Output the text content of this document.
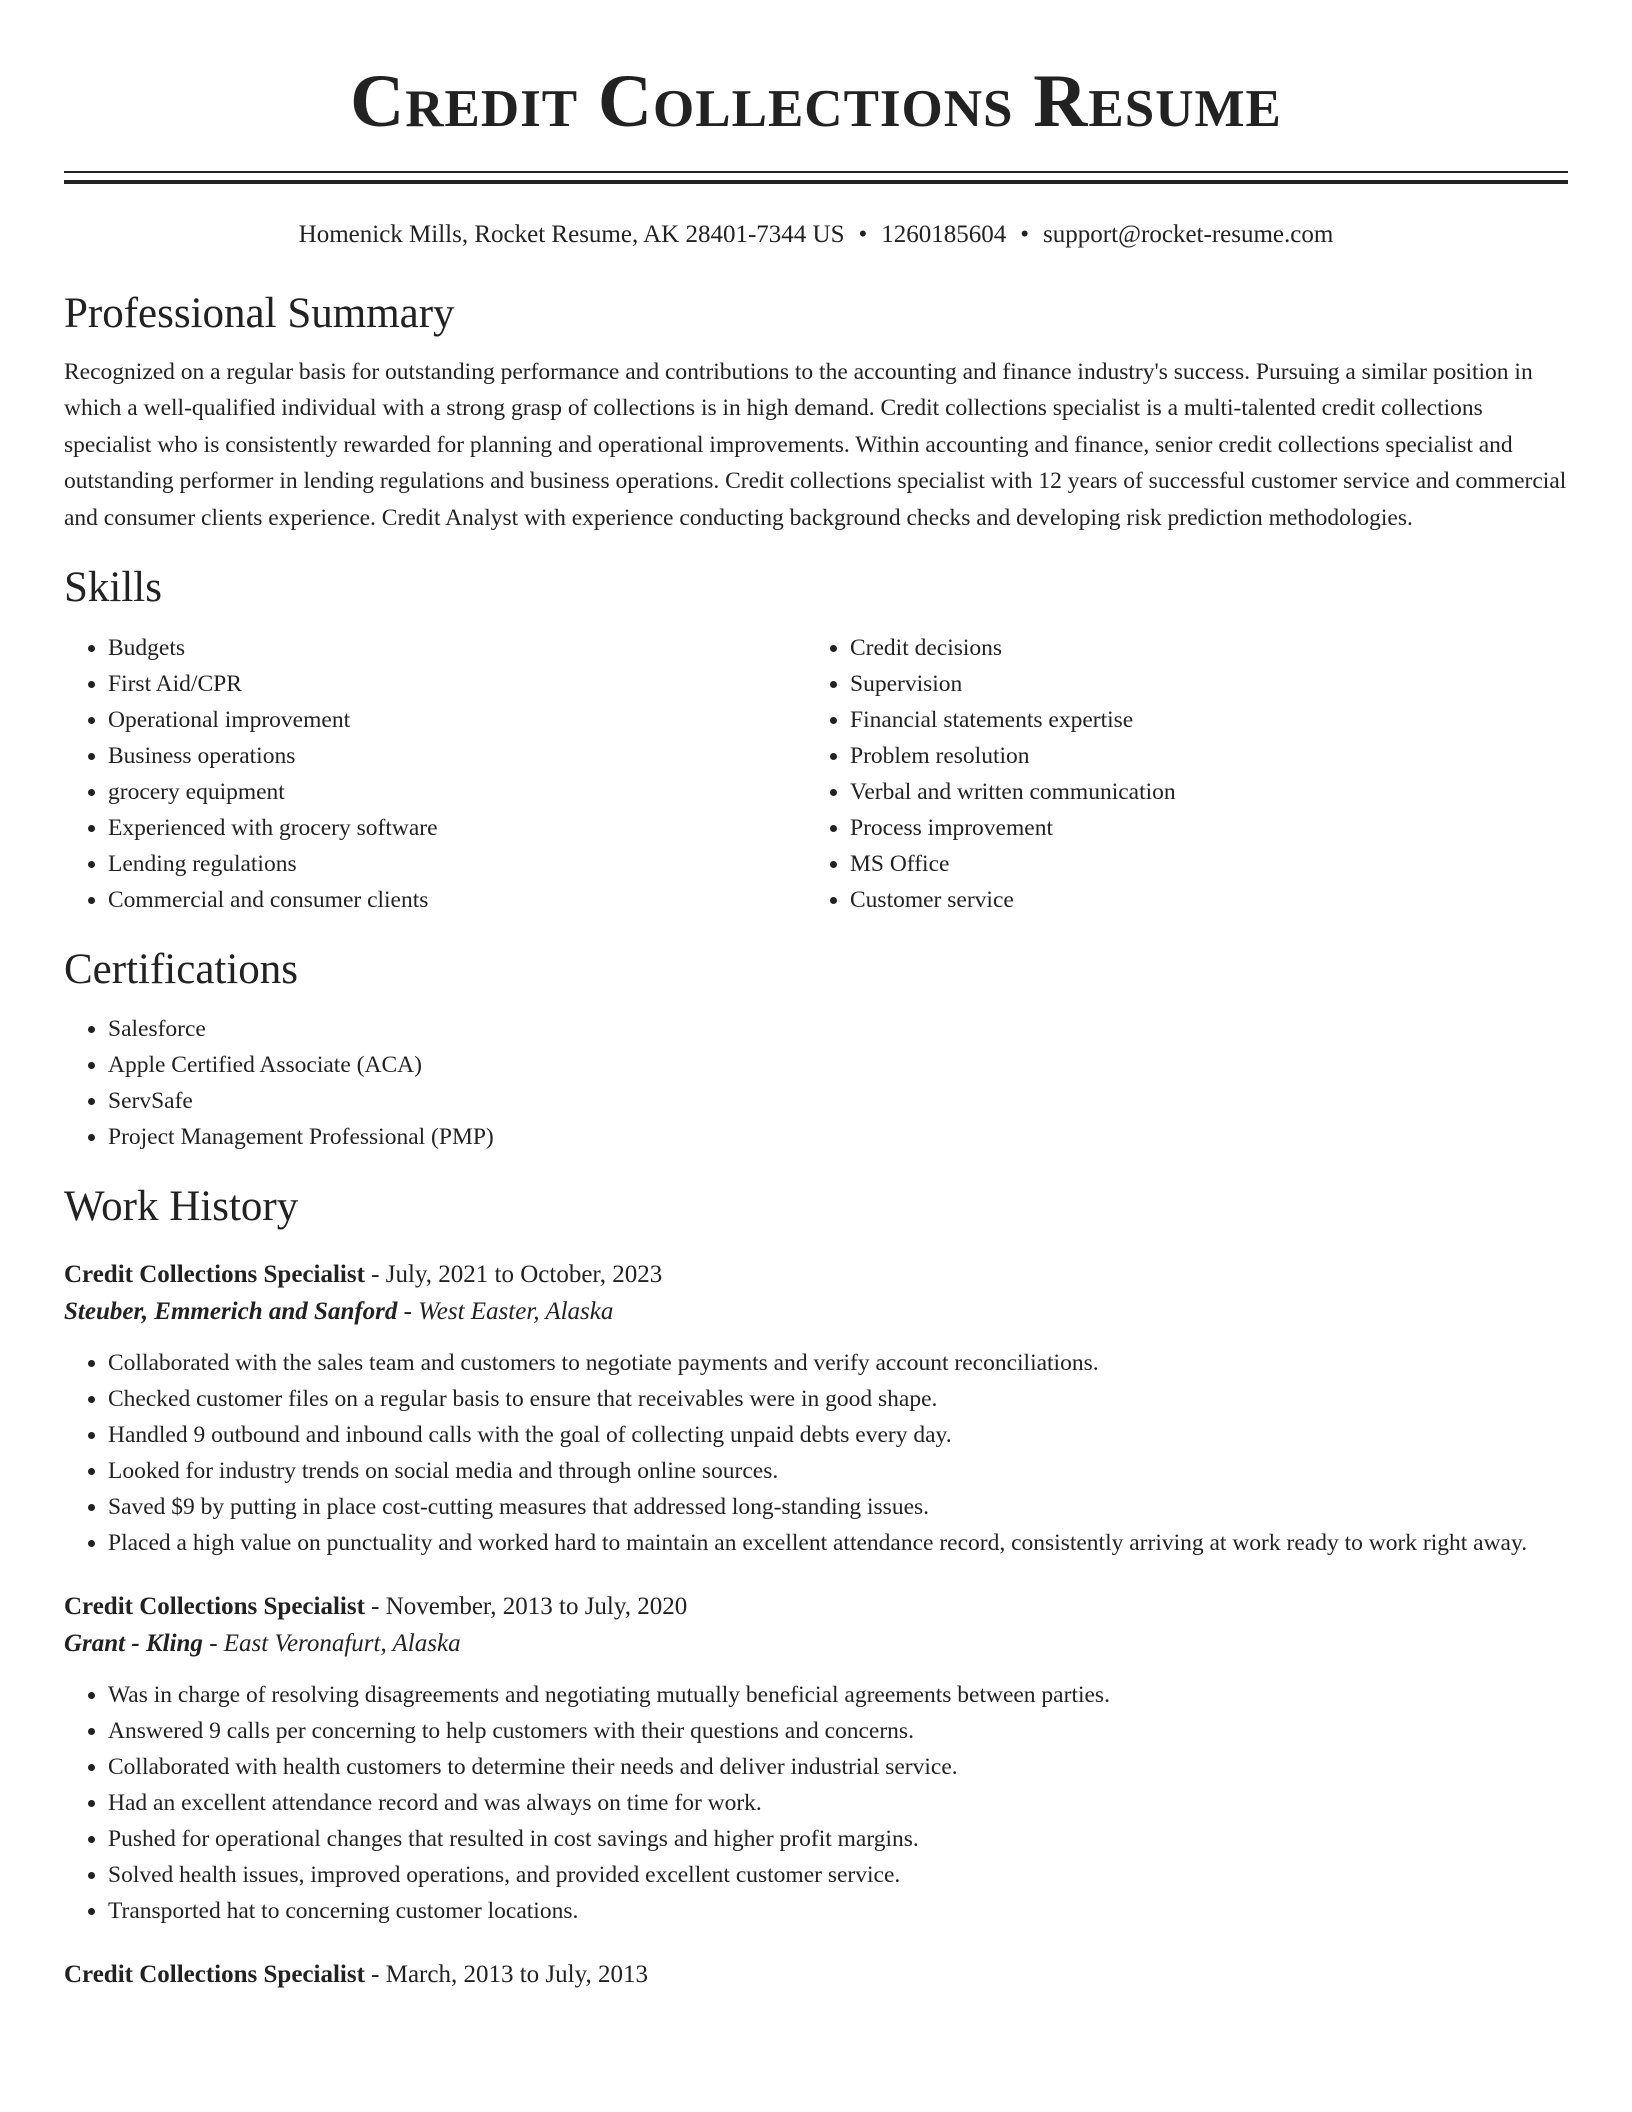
Credit Collections Resume
Homenick Mills, Rocket Resume, AK 28401-7344 US • 1260185604 • support@rocket-resume.com
Professional Summary
Recognized on a regular basis for outstanding performance and contributions to the accounting and finance industry's success. Pursuing a similar position in which a well-qualified individual with a strong grasp of collections is in high demand. Credit collections specialist is a multi-talented credit collections specialist who is consistently rewarded for planning and operational improvements. Within accounting and finance, senior credit collections specialist and outstanding performer in lending regulations and business operations. Credit collections specialist with 12 years of successful customer service and commercial and consumer clients experience. Credit Analyst with experience conducting background checks and developing risk prediction methodologies.
Skills
• Budgets
• First Aid/CPR
• Operational improvement
• Business operations
• grocery equipment
• Experienced with grocery software
• Lending regulations
• Commercial and consumer clients
• Credit decisions
• Supervision
• Financial statements expertise
• Problem resolution
• Verbal and written communication
• Process improvement
• MS Office
• Customer service
Certifications
• Salesforce
• Apple Certified Associate (ACA)
• ServSafe
• Project Management Professional (PMP)
Work History
Credit Collections Specialist - July, 2021 to October, 2023
Steuber, Emmerich and Sanford - West Easter, Alaska
• Collaborated with the sales team and customers to negotiate payments and verify account reconciliations.
• Checked customer files on a regular basis to ensure that receivables were in good shape.
• Handled 9 outbound and inbound calls with the goal of collecting unpaid debts every day.
• Looked for industry trends on social media and through online sources.
• Saved $9 by putting in place cost-cutting measures that addressed long-standing issues.
• Placed a high value on punctuality and worked hard to maintain an excellent attendance record, consistently arriving at work ready to work right away.
Credit Collections Specialist - November, 2013 to July, 2020
Grant - Kling - East Veronafurt, Alaska
• Was in charge of resolving disagreements and negotiating mutually beneficial agreements between parties.
• Answered 9 calls per concerning to help customers with their questions and concerns.
• Collaborated with health customers to determine their needs and deliver industrial service.
• Had an excellent attendance record and was always on time for work.
• Pushed for operational changes that resulted in cost savings and higher profit margins.
• Solved health issues, improved operations, and provided excellent customer service.
• Transported hat to concerning customer locations.
Credit Collections Specialist - March, 2013 to July, 2013
